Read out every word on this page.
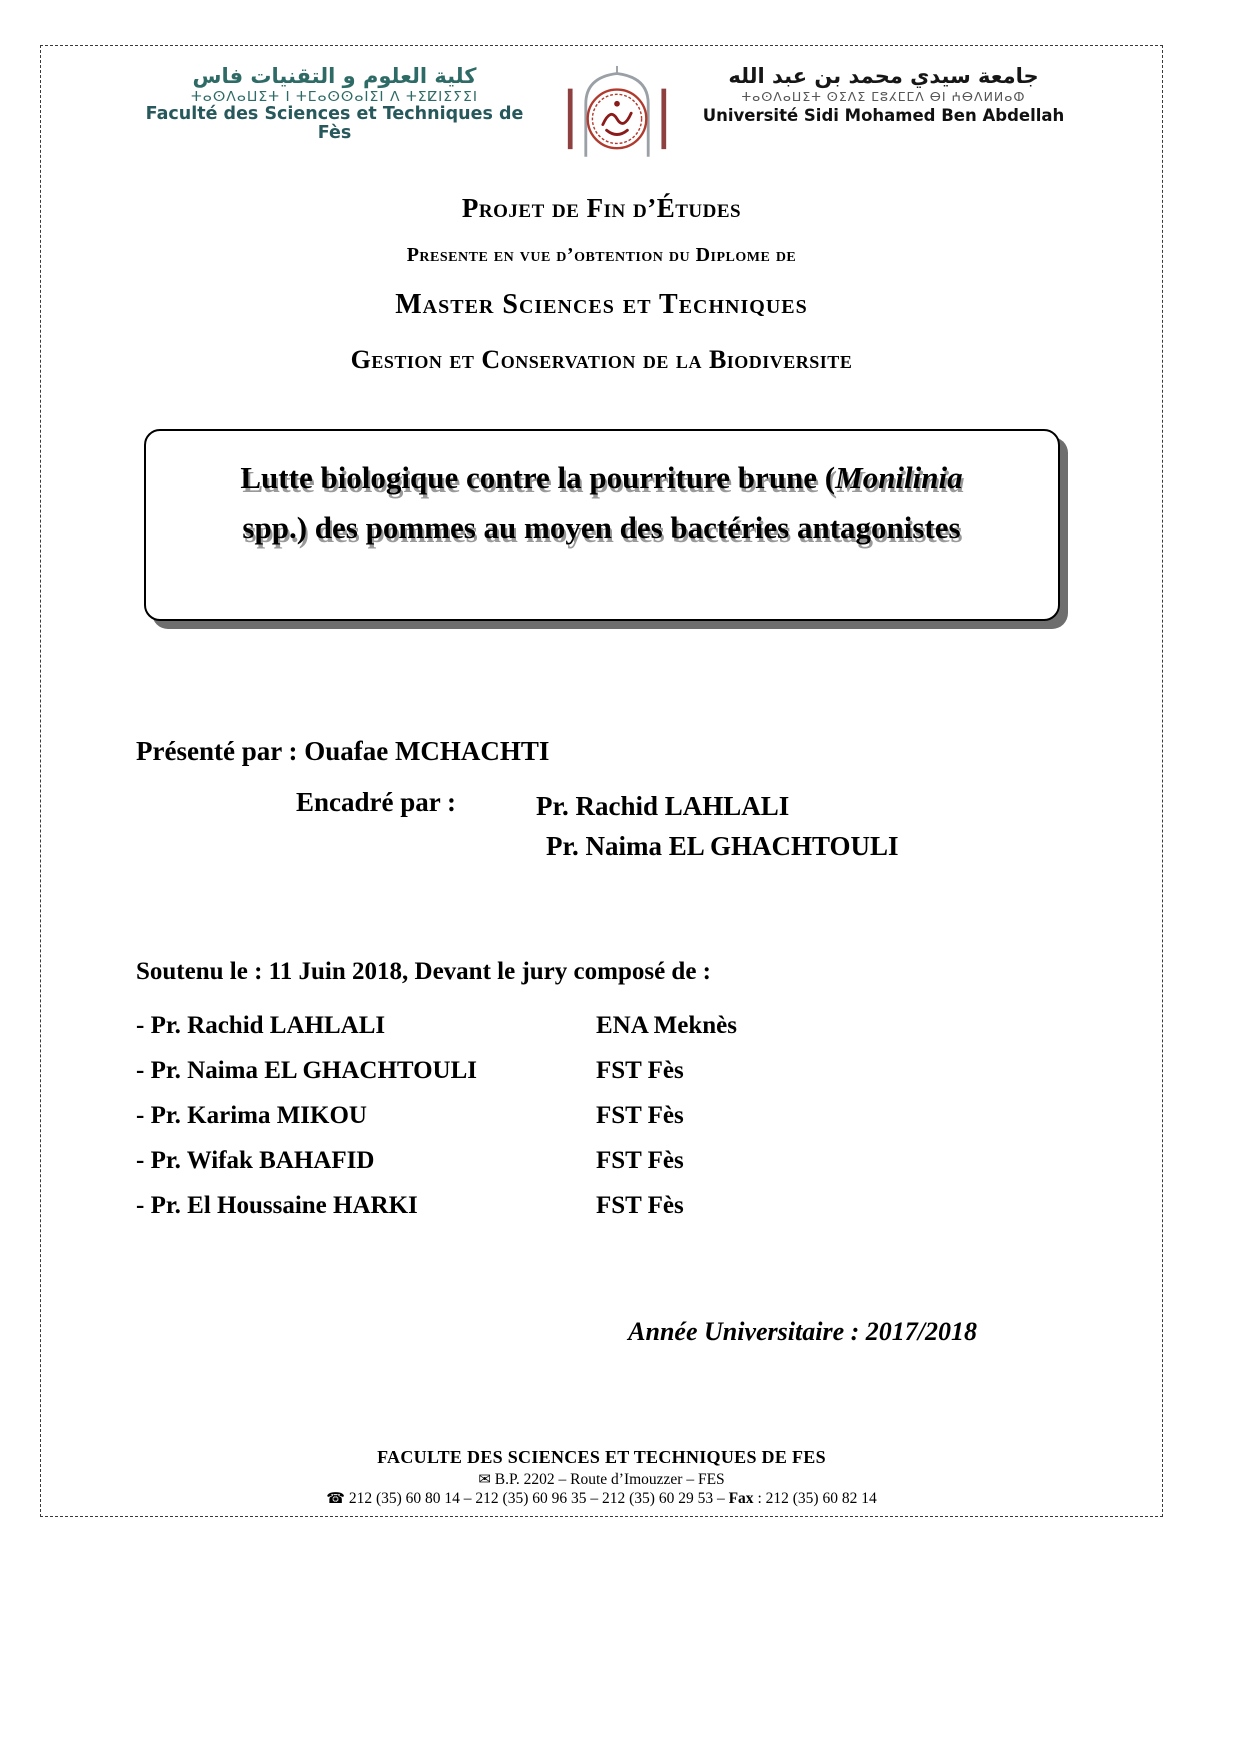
كلية العلوم و التقنيات فاس
ⵜⴰⵙⴷⴰⵡⵉⵜ ⵏ ⵜⵎⴰⵙⵙⴰⵏⵉⵏ ⴷ ⵜⵉⵇⵏⵉⵢⵉⵏ
Faculté des Sciences et Techniques de Fès
جامعة سيدي محمد بن عبد الله
ⵜⴰⵙⴷⴰⵡⵉⵜ ⵙⵉⴷⵉ ⵎⵓⵃⵎⵎⴷ ⴱⵏ ⵄⴱⴷⵍⵍⴰⵀ
Université Sidi Mohamed Ben Abdellah
Projet de Fin d’Études
Presente en vue d’obtention du Diplome de
Master Sciences et Techniques
Gestion et Conservation de la Biodiversite
Lutte biologique contre la pourriture brune (Monilinia
spp.) des pommes au moyen des bactéries antagonistes
Présenté par : Ouafae MCHACHTI
Encadré par :	Pr. Rachid LAHLALI
Pr. Naima EL GHACHTOULI
Soutenu le : 11 Juin 2018, Devant le jury composé de :
- Pr. Rachid LAHLALI	ENA Meknès
- Pr. Naima EL GHACHTOULI	FST Fès
- Pr. Karima MIKOU	FST Fès
- Pr. Wifak BAHAFID	FST Fès
- Pr. El Houssaine HARKI	FST Fès
Année Universitaire : 2017/2018
FACULTE DES SCIENCES ET TECHNIQUES DE FES
✉ B.P. 2202 – Route d’Imouzzer – FES
☎ 212 (35) 60 80 14 – 212 (35) 60 96 35 – 212 (35) 60 29 53 – Fax : 212 (35) 60 82 14
